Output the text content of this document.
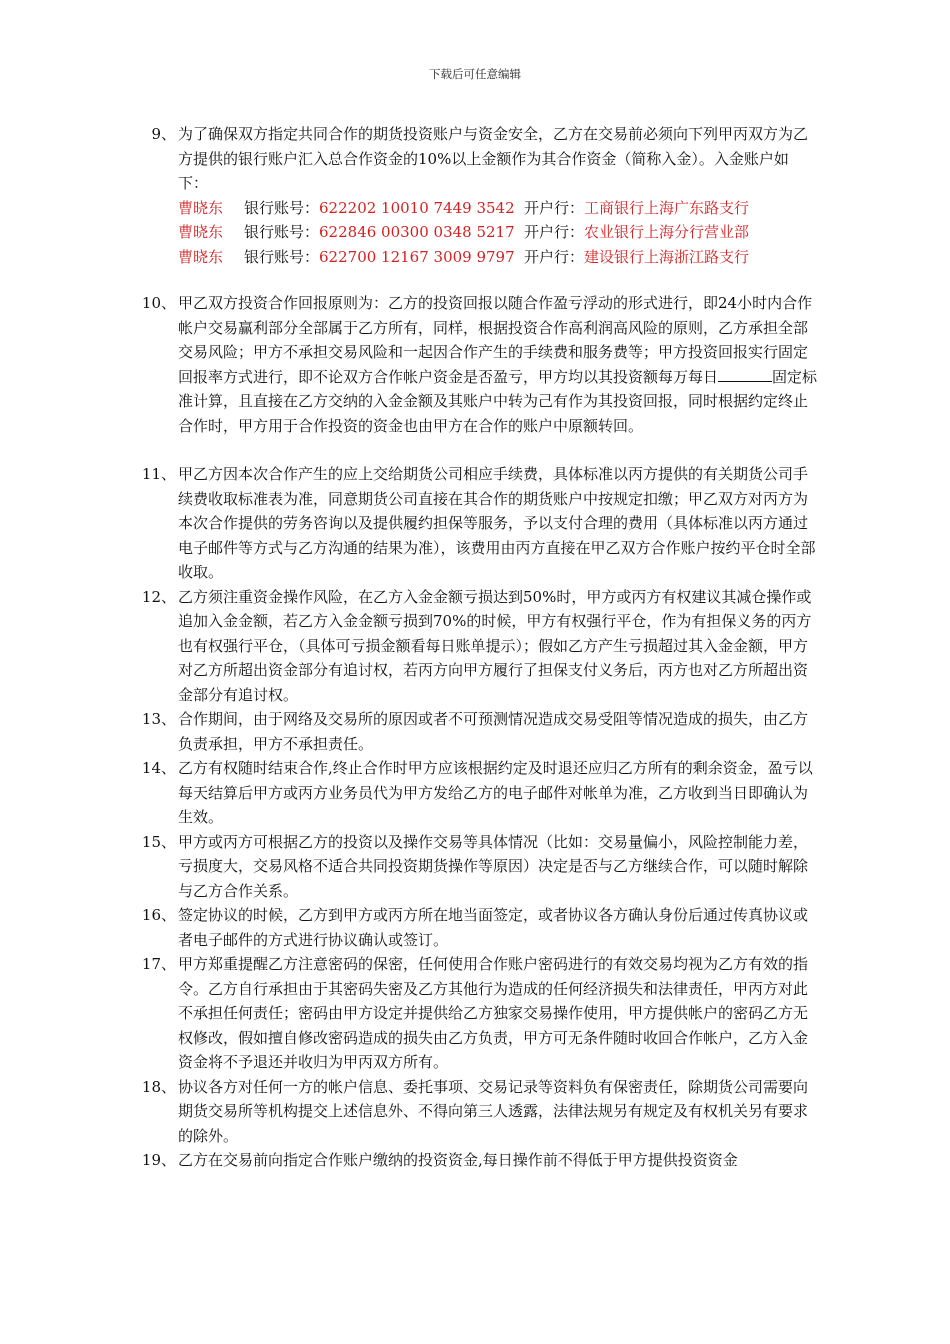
下载后可任意编辑
9、 为了确保双方指定共同合作的期货投资账户与资金安全，乙方在交易前必须向下列甲丙双方为乙方提供的银行账户汇入总合作资金的10%以上金额作为其合作资金（简称入金）。入金账户如下：
曹晓东	银行账号： 622202 10010 7449 3542 开户行： 工商银行上海广东路支行
曹晓东	银行账号： 622846 00300 0348 5217 开户行： 农业银行上海分行营业部
曹晓东	银行账号： 622700 12167 3009 9797 开户行： 建设银行上海浙江路支行
10、 甲乙双方投资合作回报原则为：乙方的投资回报以随合作盈亏浮动的形式进行，即24小时内合作帐户交易赢利部分全部属于乙方所有，同样，根据投资合作高利润高风险的原则，乙方承担全部交易风险；甲方不承担交易风险和一起因合作产生的手续费和服务费等；甲方投资回报实行固定回报率方式进行，即不论双方合作帐户资金是否盈亏，甲方均以其投资额每万每日	固定标准计算，且直接在乙方交纳的入金金额及其账户中转为己有作为其投资回报，同时根据约定终止合作时，甲方用于合作投资的资金也由甲方在合作的账户中原额转回。
11、 甲乙方因本次合作产生的应上交给期货公司相应手续费，具体标准以丙方提供的有关期货公司手续费收取标准表为准，同意期货公司直接在其合作的期货账户中按规定扣缴；甲乙双方对丙方为本次合作提供的劳务咨询以及提供履约担保等服务，予以支付合理的费用（具体标准以丙方通过电子邮件等方式与乙方沟通的结果为准），该费用由丙方直接在甲乙双方合作账户按约平仓时全部收取。
12、 乙方须注重资金操作风险，在乙方入金金额亏损达到50%时，甲方或丙方有权建议其减仓操作或追加入金金额，若乙方入金金额亏损到70%的时候，甲方有权强行平仓，作为有担保义务的丙方也有权强行平仓，（具体可亏损金额看每日账单提示）；假如乙方产生亏损超过其入金金额，甲方对乙方所超出资金部分有追讨权，若丙方向甲方履行了担保支付义务后，丙方也对乙方所超出资金部分有追讨权。
13、 合作期间，由于网络及交易所的原因或者不可预测情况造成交易受阻等情况造成的损失，由乙方负责承担，甲方不承担责任。
14、 乙方有权随时结束合作,终止合作时甲方应该根据约定及时退还应归乙方所有的剩余资金，盈亏以每天结算后甲方或丙方业务员代为甲方发给乙方的电子邮件对帐单为准，乙方收到当日即确认为生效。
15、 甲方或丙方可根据乙方的投资以及操作交易等具体情况（比如：交易量偏小，风险控制能力差，亏损度大，交易风格不适合共同投资期货操作等原因）决定是否与乙方继续合作，可以随时解除与乙方合作关系。
16、 签定协议的时候，乙方到甲方或丙方所在地当面签定，或者协议各方确认身份后通过传真协议或者电子邮件的方式进行协议确认或签订。
17、 甲方郑重提醒乙方注意密码的保密，任何使用合作账户密码进行的有效交易均视为乙方有效的指令。乙方自行承担由于其密码失密及乙方其他行为造成的任何经济损失和法律责任，甲丙方对此不承担任何责任；密码由甲方设定并提供给乙方独家交易操作使用，甲方提供帐户的密码乙方无权修改，假如擅自修改密码造成的损失由乙方负责，甲方可无条件随时收回合作帐户，乙方入金资金将不予退还并收归为甲丙双方所有。
18、 协议各方对任何一方的帐户信息、委托事项、交易记录等资料负有保密责任，除期货公司需要向期货交易所等机构提交上述信息外、不得向第三人透露，法律法规另有规定及有权机关另有要求的除外。
19、 乙方在交易前向指定合作账户缴纳的投资资金,每日操作前不得低于甲方提供投资资金
